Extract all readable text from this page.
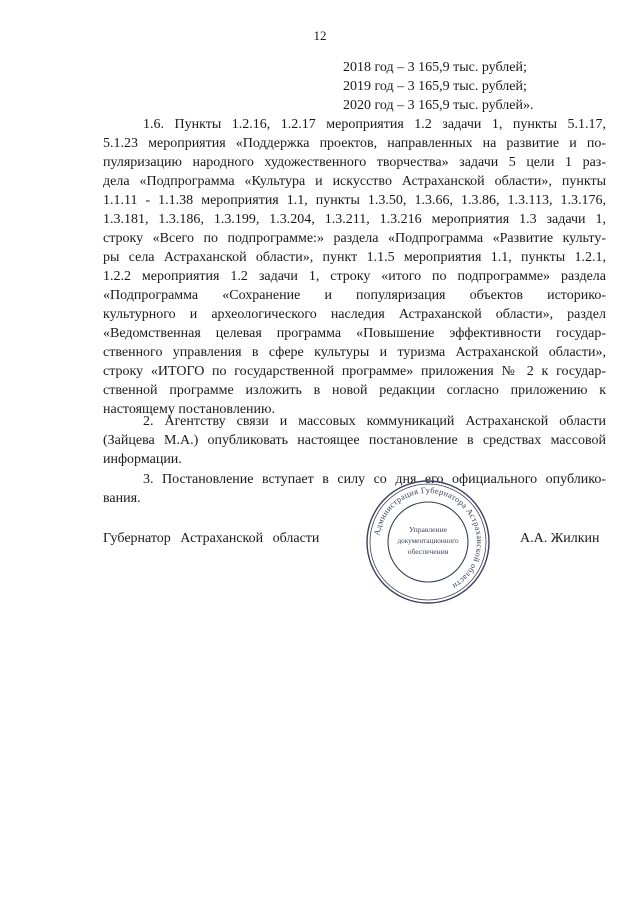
12
2018 год – 3 165,9 тыс. рублей;
2019 год – 3 165,9 тыс. рублей;
2020 год – 3 165,9 тыс. рублей».
1.6. Пункты 1.2.16, 1.2.17 мероприятия 1.2 задачи 1, пункты 5.1.17,
5.1.23 мероприятия «Поддержка проектов, направленных на развитие и по-
пуляризацию народного художественного творчества» задачи 5 цели 1 раз-
дела «Подпрограмма «Культура и искусство Астраханской области», пункты
1.1.11 - 1.1.38 мероприятия 1.1, пункты 1.3.50, 1.3.66, 1.3.86, 1.3.113, 1.3.176,
1.3.181, 1.3.186, 1.3.199, 1.3.204, 1.3.211, 1.3.216 мероприятия 1.3 задачи 1,
строку «Всего по подпрограмме:» раздела «Подпрограмма «Развитие культу-
ры села Астраханской области», пункт 1.1.5 мероприятия 1.1, пункты 1.2.1,
1.2.2 мероприятия 1.2 задачи 1, строку «итого по подпрограмме» раздела
«Подпрограмма «Сохранение и популяризация объектов историко-
культурного и археологического наследия Астраханской области», раздел
«Ведомственная целевая программа «Повышение эффективности государ-
ственного управления в сфере культуры и туризма Астраханской области»,
строку «ИТОГО по государственной программе» приложения № 2 к государ-
ственной программе изложить в новой редакции согласно приложению к
настоящему постановлению.
2. Агентству связи и массовых коммуникаций Астраханской области
(Зайцева М.А.) опубликовать настоящее постановление в средствах массовой
информации.
3. Постановление вступает в силу со дня его официального опублико-
вания.
Губернатор Астраханской области	А.А. Жилкин
Администрация Губернатора Астраханской области
Управление
документационного
обеспечения
